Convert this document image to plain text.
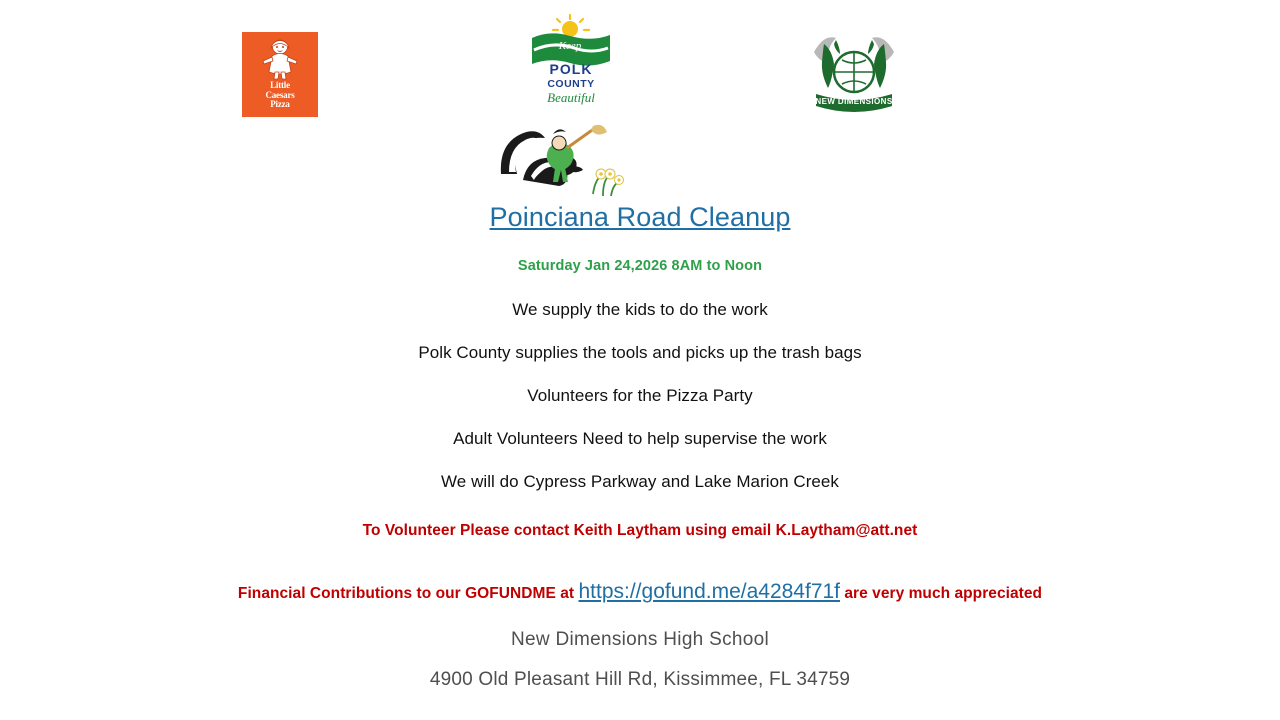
Little
Caesars
Pizza
Keep
POLK
COUNTY
Beautiful	NEW DIMENSIONS
Poinciana Road Cleanup
Saturday Jan 24,2026 8AM to Noon
We supply the kids to do the work
Polk County supplies the tools and picks up the trash bags
Volunteers for the Pizza Party
Adult Volunteers Need to help supervise the work
We will do Cypress Parkway and Lake Marion Creek
To Volunteer Please contact Keith Laytham using email K.Laytham@att.net
Financial Contributions to our GOFUNDME at https://gofund.me/a4284f71f are very much appreciated
New Dimensions High School
4900 Old Pleasant Hill Rd, Kissimmee, FL 34759
